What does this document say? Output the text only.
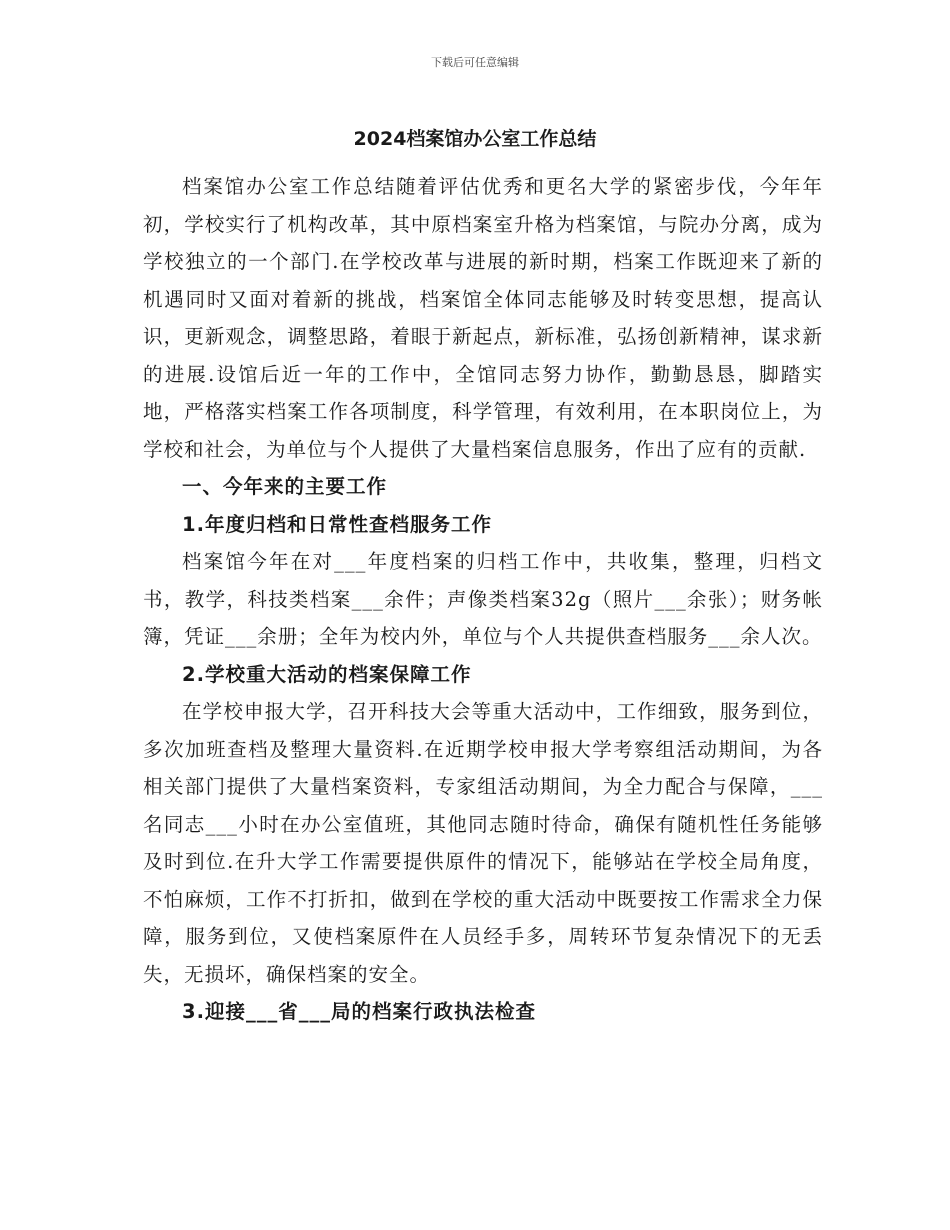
下载后可任意编辑
2024档案馆办公室工作总结

档案馆办公室工作总结随着评估优秀和更名大学的紧密步伐，今年年初，学校实行了机构改革，其中原档案室升格为档案馆，与院办分离，成为学校独立的一个部门.在学校改革与进展的新时期，档案工作既迎来了新的机遇同时又面对着新的挑战，档案馆全体同志能够及时转变思想，提高认识，更新观念，调整思路，着眼于新起点，新标准，弘扬创新精神，谋求新的进展.设馆后近一年的工作中，全馆同志努力协作，勤勤恳恳，脚踏实地，严格落实档案工作各项制度，科学管理，有效利用，在本职岗位上，为学校和社会，为单位与个人提供了大量档案信息服务，作出了应有的贡献.

一、今年来的主要工作
1.年度归档和日常性查档服务工作

档案馆今年在对___年度档案的归档工作中，共收集，整理，归档文书，教学，科技类档案___余件；声像类档案32g（照片___余张）；财务帐簿，凭证___余册；全年为校内外，单位与个人共提供查档服务___余人次。

2.学校重大活动的档案保障工作

在学校申报大学，召开科技大会等重大活动中，工作细致，服务到位，多次加班查档及整理大量资料.在近期学校申报大学考察组活动期间，为各相关部门提供了大量档案资料，专家组活动期间，为全力配合与保障，___名同志___小时在办公室值班，其他同志随时待命，确保有随机性任务能够及时到位.在升大学工作需要提供原件的情况下，能够站在学校全局角度，不怕麻烦，工作不打折扣，做到在学校的重大活动中既要按工作需求全力保障，服务到位，又使档案原件在人员经手多，周转环节复杂情况下的无丢失，无损坏，确保档案的安全。

3.迎接___省___局的档案行政执法检查
